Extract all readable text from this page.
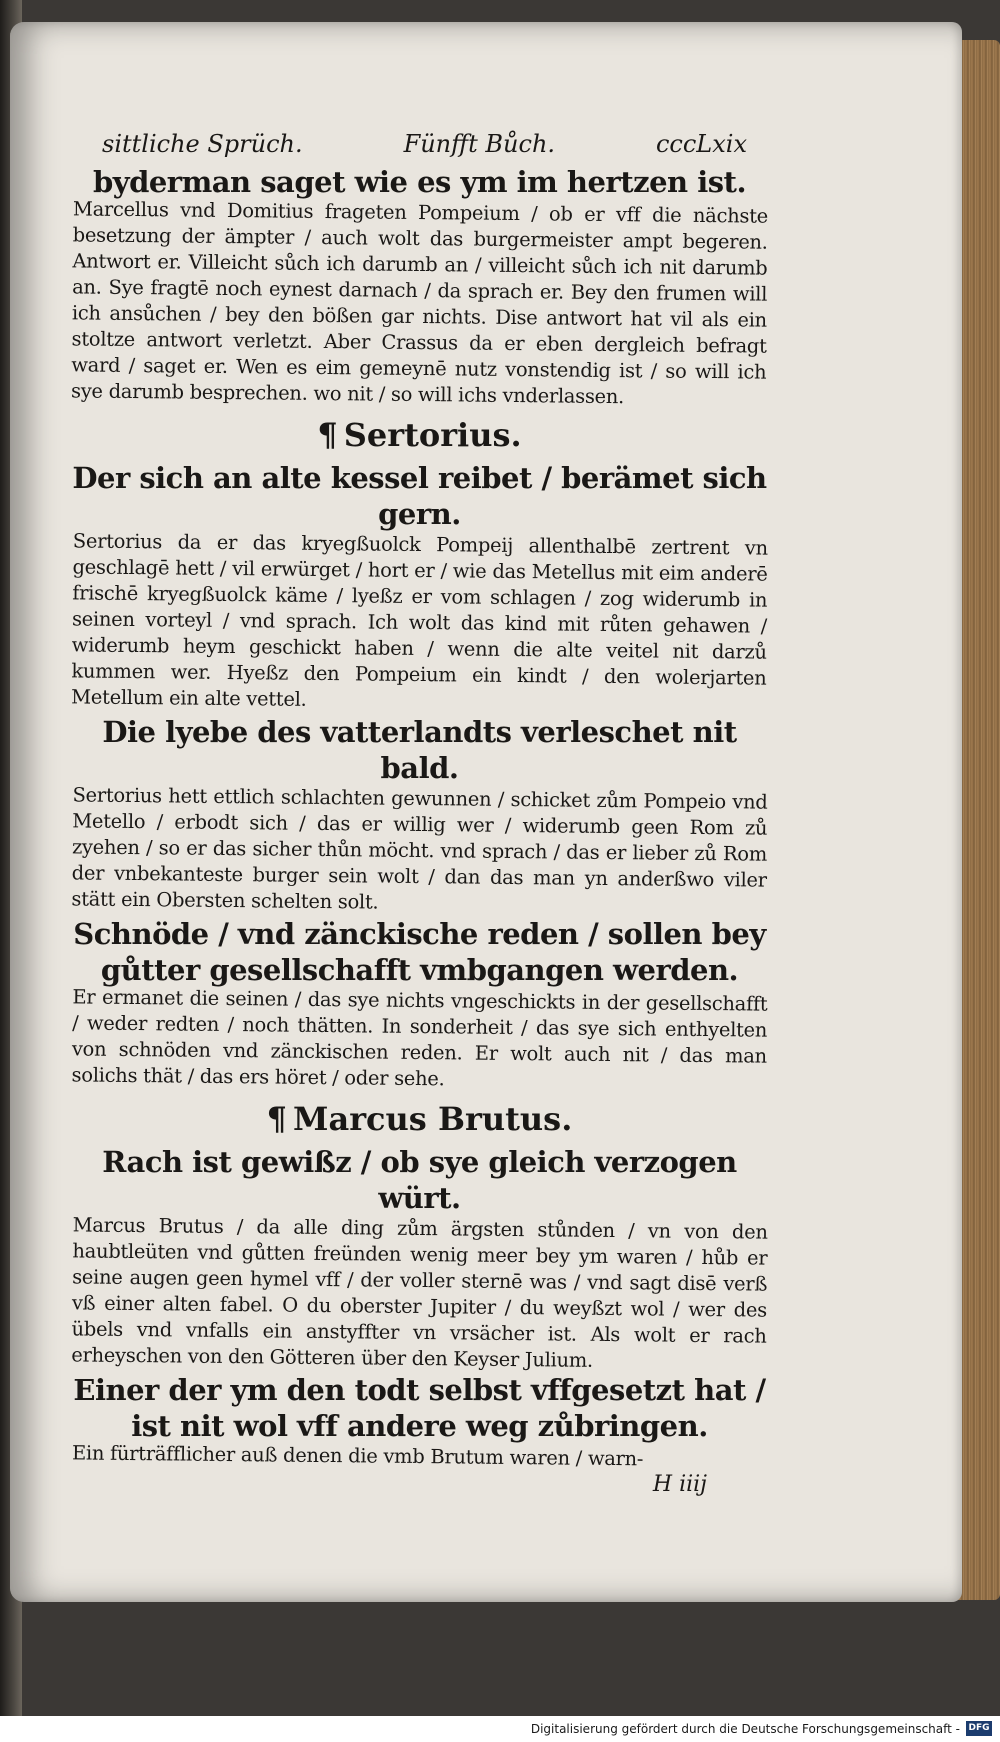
sittliche Sprüch.	Fünfft Bůch.	cccLxix
byderman saget wie es ym im hertzen ist.

Marcellus vnd Domitius frageten Pompeium / ob er vff die nächste besetzung der ämpter / auch wolt das burgermeister ampt begeren. Antwort er. Villeicht sůch ich darumb an / villeicht sůch ich nit darumb an. Sye fragtē noch eynest darnach / da sprach er. Bey den frumen will ich ansůchen / bey den bößen gar nichts. Dise antwort hat vil als ein stoltze antwort verletzt. Aber Crassus da er eben dergleich befragt ward / saget er. Wen es eim gemeynē nutz vonstendig ist / so will ich sye darumb besprechen. wo nit / so will ichs vnderlassen.

¶ Sertorius.
Der sich an alte kessel reibet / berämet sich gern.

Sertorius da er das kryegßuolck Pompeij allenthalbē zertrent vn geschlagē hett / vil erwürget / hort er / wie das Metellus mit eim anderē frischē kryegßuolck käme / lyeßz er vom schlagen / zog widerumb in seinen vorteyl / vnd sprach. Ich wolt das kind mit růten gehawen / widerumb heym geschickt haben / wenn die alte veitel nit darzů kummen wer. Hyeßz den Pompeium ein kindt / den wolerjarten Metellum ein alte vettel.

Die lyebe des vatterlandts verleschet nit bald.

Sertorius hett ettlich schlachten gewunnen / schicket zům Pompeio vnd Metello / erbodt sich / das er willig wer / widerumb geen Rom zů zyehen / so er das sicher thůn möcht. vnd sprach / das er lieber zů Rom der vnbekanteste burger sein wolt / dan das man yn anderßwo viler stätt ein Obersten schelten solt.

Schnöde / vnd zänckische reden / sollen bey gůtter gesellschafft vmbgangen werden.

Er ermanet die seinen / das sye nichts vngeschickts in der gesellschafft / weder redten / noch thätten. In sonderheit / das sye sich enthyelten von schnöden vnd zänckischen reden. Er wolt auch nit / das man solichs thät / das ers höret / oder sehe.

¶ Marcus Brutus.
Rach ist gewißz / ob sye gleich verzogen würt.

Marcus Brutus / da alle ding zům ärgsten stůnden / vn von den haubtleüten vnd gůtten freünden wenig meer bey ym waren / hůb er seine augen geen hymel vff / der voller sternē was / vnd sagt disē verß vß einer alten fabel. O du oberster Jupiter / du weyßzt wol / wer des übels vnd vnfalls ein anstyffter vn vrsächer ist. Als wolt er rach erheyschen von den Götteren über den Keyser Julium.

Einer der ym den todt selbst vffgesetzt hat / ist nit wol vff andere weg zůbringen.

Ein fürträfflicher auß denen die vmb Brutum waren / warn-

H iiij
Digitalisierung gefördert durch die Deutsche Forschungsgemeinschaft - DFG
